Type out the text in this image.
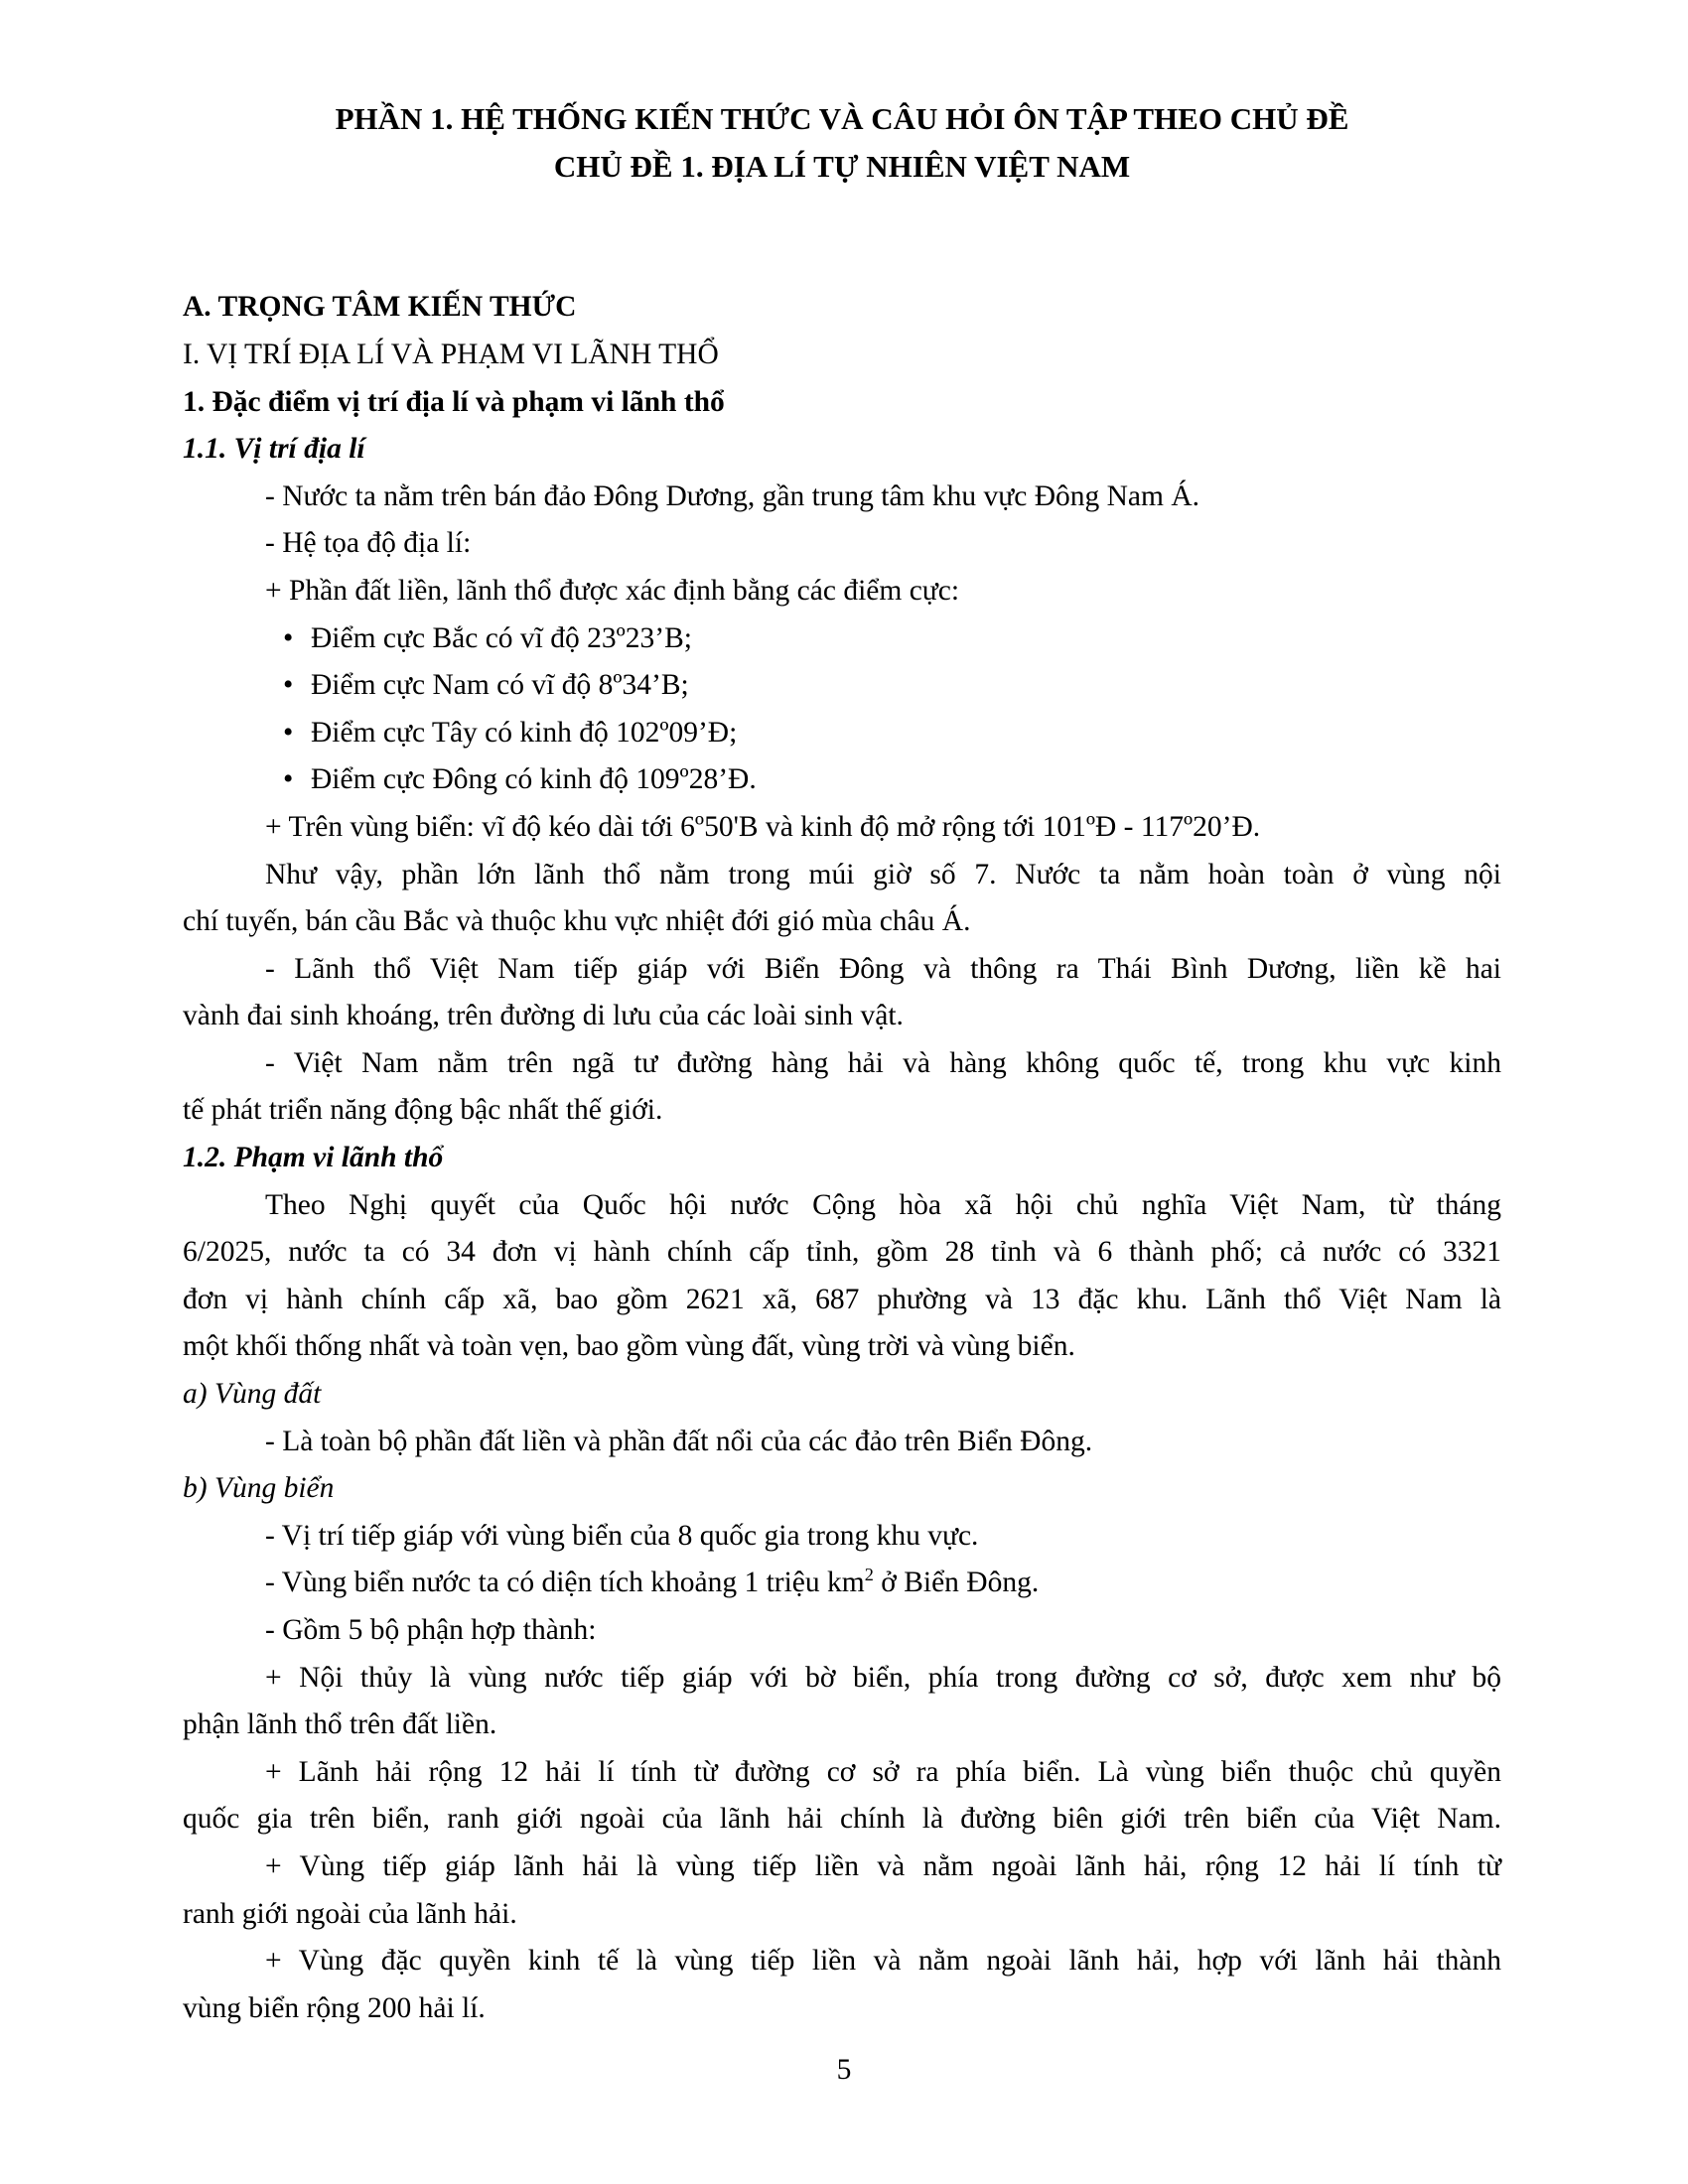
PHẦN 1. HỆ THỐNG KIẾN THỨC VÀ CÂU HỎI ÔN TẬP THEO CHỦ ĐỀ
CHỦ ĐỀ 1. ĐỊA LÍ TỰ NHIÊN VIỆT NAM
A. TRỌNG TÂM KIẾN THỨC
I. VỊ TRÍ ĐỊA LÍ VÀ PHẠM VI LÃNH THỔ
1. Đặc điểm vị trí địa lí và phạm vi lãnh thổ
1.1. Vị trí địa lí
- Nước ta nằm trên bán đảo Đông Dương, gần trung tâm khu vực Đông Nam Á.
- Hệ tọa độ địa lí:
+ Phần đất liền, lãnh thổ được xác định bằng các điểm cực:
• Điểm cực Bắc có vĩ độ 23º23’B;
• Điểm cực Nam có vĩ độ 8º34’B;
• Điểm cực Tây có kinh độ 102º09’Đ;
• Điểm cực Đông có kinh độ 109º28’Đ.
+ Trên vùng biển: vĩ độ kéo dài tới 6º50'B và kinh độ mở rộng tới 101ºĐ - 117º20’Đ.
Như vậy, phần lớn lãnh thổ nằm trong múi giờ số 7. Nước ta nằm hoàn toàn ở vùng nội
chí tuyến, bán cầu Bắc và thuộc khu vực nhiệt đới gió mùa châu Á.
- Lãnh thổ Việt Nam tiếp giáp với Biển Đông và thông ra Thái Bình Dương, liền kề hai
vành đai sinh khoáng, trên đường di lưu của các loài sinh vật.
- Việt Nam nằm trên ngã tư đường hàng hải và hàng không quốc tế, trong khu vực kinh
tế phát triển năng động bậc nhất thế giới.
1.2. Phạm vi lãnh thổ
Theo Nghị quyết của Quốc hội nước Cộng hòa xã hội chủ nghĩa Việt Nam, từ tháng
6/2025, nước ta có 34 đơn vị hành chính cấp tỉnh, gồm 28 tỉnh và 6 thành phố; cả nước có 3321
đơn vị hành chính cấp xã, bao gồm 2621 xã, 687 phường và 13 đặc khu. Lãnh thổ Việt Nam là
một khối thống nhất và toàn vẹn, bao gồm vùng đất, vùng trời và vùng biển.
a) Vùng đất
- Là toàn bộ phần đất liền và phần đất nổi của các đảo trên Biển Đông.
b) Vùng biển
- Vị trí tiếp giáp với vùng biển của 8 quốc gia trong khu vực.
- Vùng biển nước ta có diện tích khoảng 1 triệu $km^2$ ở Biển Đông.
- Gồm 5 bộ phận hợp thành:
+ Nội thủy là vùng nước tiếp giáp với bờ biển, phía trong đường cơ sở, được xem như bộ
phận lãnh thổ trên đất liền.
+ Lãnh hải rộng 12 hải lí tính từ đường cơ sở ra phía biển. Là vùng biển thuộc chủ quyền
quốc gia trên biển, ranh giới ngoài của lãnh hải chính là đường biên giới trên biển của Việt Nam.
+ Vùng tiếp giáp lãnh hải là vùng tiếp liền và nằm ngoài lãnh hải, rộng 12 hải lí tính từ
ranh giới ngoài của lãnh hải.
+ Vùng đặc quyền kinh tế là vùng tiếp liền và nằm ngoài lãnh hải, hợp với lãnh hải thành
vùng biển rộng 200 hải lí.
5
